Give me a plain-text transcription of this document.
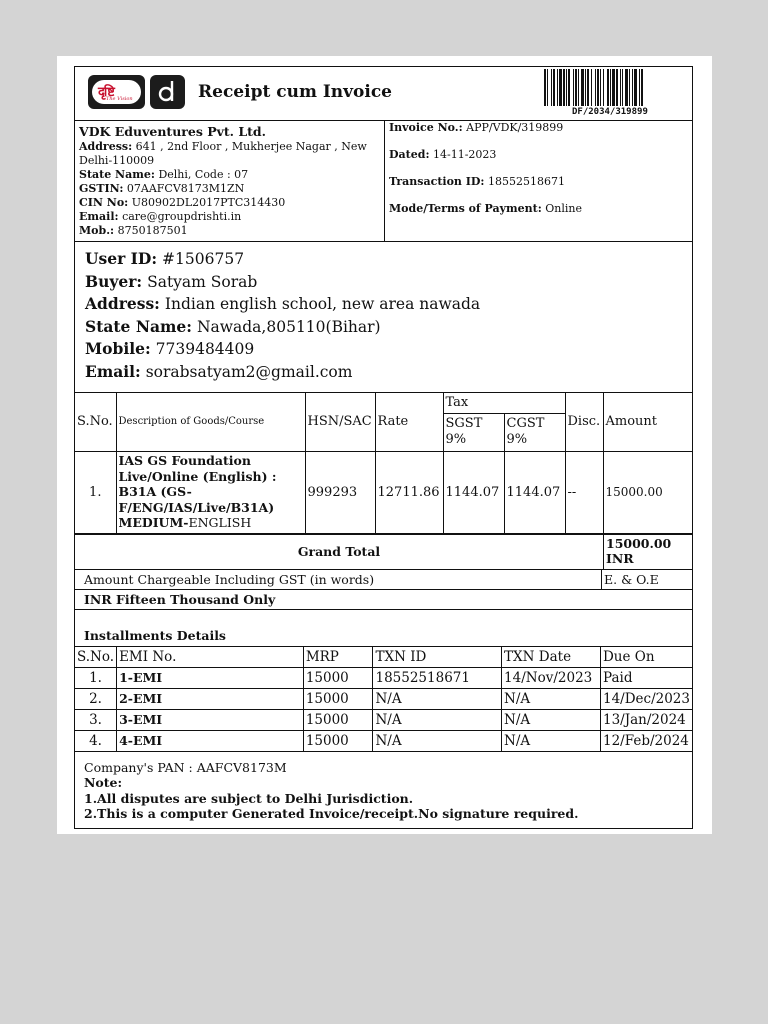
दृष्टि
The Vision	Receipt cum Invoice
DF/2034/319899
VDK Eduventures Pvt. Ltd.
Address: 641 , 2nd Floor , Mukherjee Nagar , New Delhi-110009
State Name: Delhi, Code : 07
GSTIN: 07AAFCV8173M1ZN
CIN No: U80902DL2017PTC314430
Email: care@groupdrishti.in
Mob.: 8750187501
Invoice No.: APP/VDK/319899
Dated: 14-11-2023
Transaction ID: 18552518671
Mode/Terms of Payment: Online
User ID: #1506757
Buyer: Satyam Sorab
Address: Indian english school, new area nawada
State Name: Nawada,805110(Bihar)
Mobile: 7739484409
Email: sorabsatyam2@gmail.com
S.No.	Description of Goods/Course	HSN/SAC	Rate	Tax		Disc.	Amount
				SGST 9%	CGST 9%		
1.	IAS GS Foundation Live/Online (English) : B31A (GS-F/ENG/IAS/Live/B31A) MEDIUM-ENGLISH	999293	12711.86	1144.07	1144.07	--	15000.00
Grand Total
15000.00 INR
Amount Chargeable Including GST (in words)	E. & O.E
INR Fifteen Thousand Only
Installments Details
S.No.	EMI No.	MRP	TXN ID	TXN Date	Due On
1.	1-EMI	15000	18552518671	14/Nov/2023	Paid
2.	2-EMI	15000	N/A	N/A	14/Dec/2023
3.	3-EMI	15000	N/A	N/A	13/Jan/2024
4.	4-EMI	15000	N/A	N/A	12/Feb/2024
Company's PAN : AAFCV8173M
Note:
1.All disputes are subject to Delhi Jurisdiction.
2.This is a computer Generated Invoice/receipt.No signature required.
